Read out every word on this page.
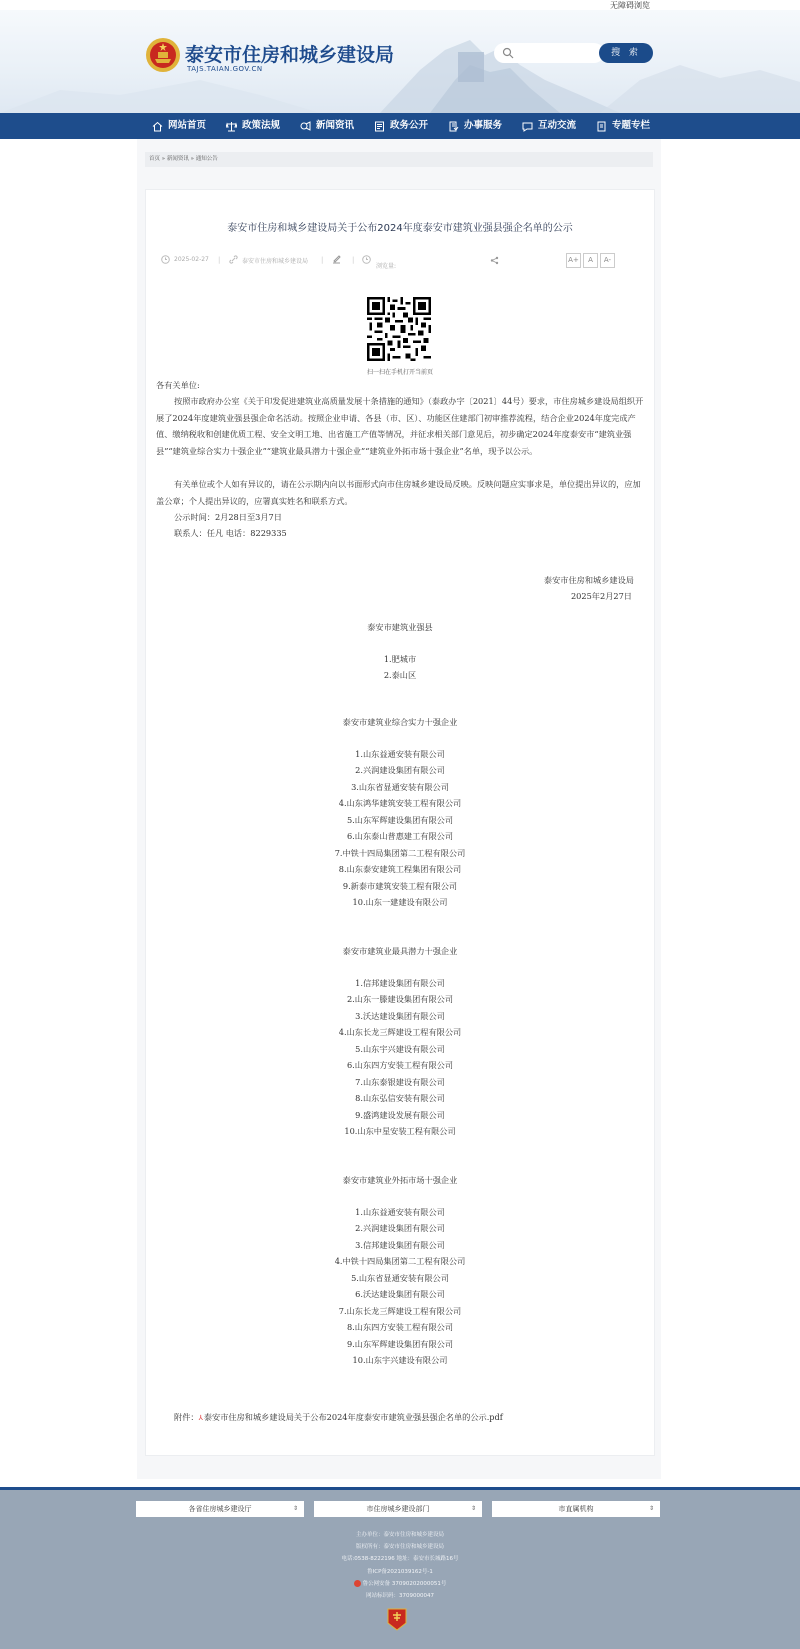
无障碍浏览
泰安市住房和城乡建设局
TAJS.TAIAN.GOV.CN
搜 索
网站首页	政策法规	新闻资讯	政务公开	办事服务	互动交流	专题专栏
首页 » 新闻资讯 » 通知公告
泰安市住房和城乡建设局关于公布2024年度泰安市建筑业强县强企名单的公示
2025-02-27 |	泰安市住房和城乡建设局 |	|
浏览量:
A+	A	A-
扫一扫在手机打开当前页
各有关单位:
按照市政府办公室《关于印发促进建筑业高质量发展十条措施的通知》（泰政办字〔2021〕44号）要求，市住房城乡建设局组织开展了2024年度建筑业强县强企命名活动。按照企业申请、各县（市、区）、功能区住建部门初审推荐流程，结合企业2024年度完成产值、缴纳税收和创建优质工程、安全文明工地、出省施工产值等情况，并征求相关部门意见后，初步确定2024年度泰安市“建筑业强县”“建筑业综合实力十强企业”“建筑业最具潜力十强企业”“建筑业外拓市场十强企业”名单，现予以公示。
有关单位或个人如有异议的，请在公示期内向以书面形式向市住房城乡建设局反映。反映问题应实事求是，单位提出异议的，应加盖公章；个人提出异议的，应署真实姓名和联系方式。
公示时间：2月28日至3月7日
联系人：任凡 电话：8229335
泰安市住房和城乡建设局
2025年2月27日
泰安市建筑业强县
1.肥城市
2.泰山区
泰安市建筑业综合实力十强企业
1.山东益通安装有限公司
2.兴润建设集团有限公司
3.山东省显通安装有限公司
4.山东鸿华建筑安装工程有限公司
5.山东军辉建设集团有限公司
6.山东泰山普惠建工有限公司
7.中铁十四局集团第二工程有限公司
8.山东泰安建筑工程集团有限公司
9.新泰市建筑安装工程有限公司
10.山东一建建设有限公司
泰安市建筑业最具潜力十强企业
1.信邦建设集团有限公司
2.山东一滕建设集团有限公司
3.沃达建设集团有限公司
4.山东长龙三辉建设工程有限公司
5.山东宇兴建设有限公司
6.山东四方安装工程有限公司
7.山东泰银建设有限公司
8.山东弘信安装有限公司
9.盛鸿建设发展有限公司
10.山东中星安装工程有限公司
泰安市建筑业外拓市场十强企业
1.山东益通安装有限公司
2.兴润建设集团有限公司
3.信邦建设集团有限公司
4.中铁十四局集团第二工程有限公司
5.山东省显通安装有限公司
6.沃达建设集团有限公司
7.山东长龙三辉建设工程有限公司
8.山东四方安装工程有限公司
9.山东军辉建设集团有限公司
10.山东宇兴建设有限公司
附件：⅄泰安市住房和城乡建设局关于公布2024年度泰安市建筑业强县强企名单的公示.pdf
各省住房城乡建设厅	⇕	市住房城乡建设部门	⇕	市直属机构	⇕
主办单位：泰安市住房和城乡建设局
版权所有：泰安市住房和城乡建设局
电话:0538-8222196 地址：泰安市长城路16号
鲁ICP备2021039162号-1
鲁公网安备 37090202000051号
网站标识码：3709000047
